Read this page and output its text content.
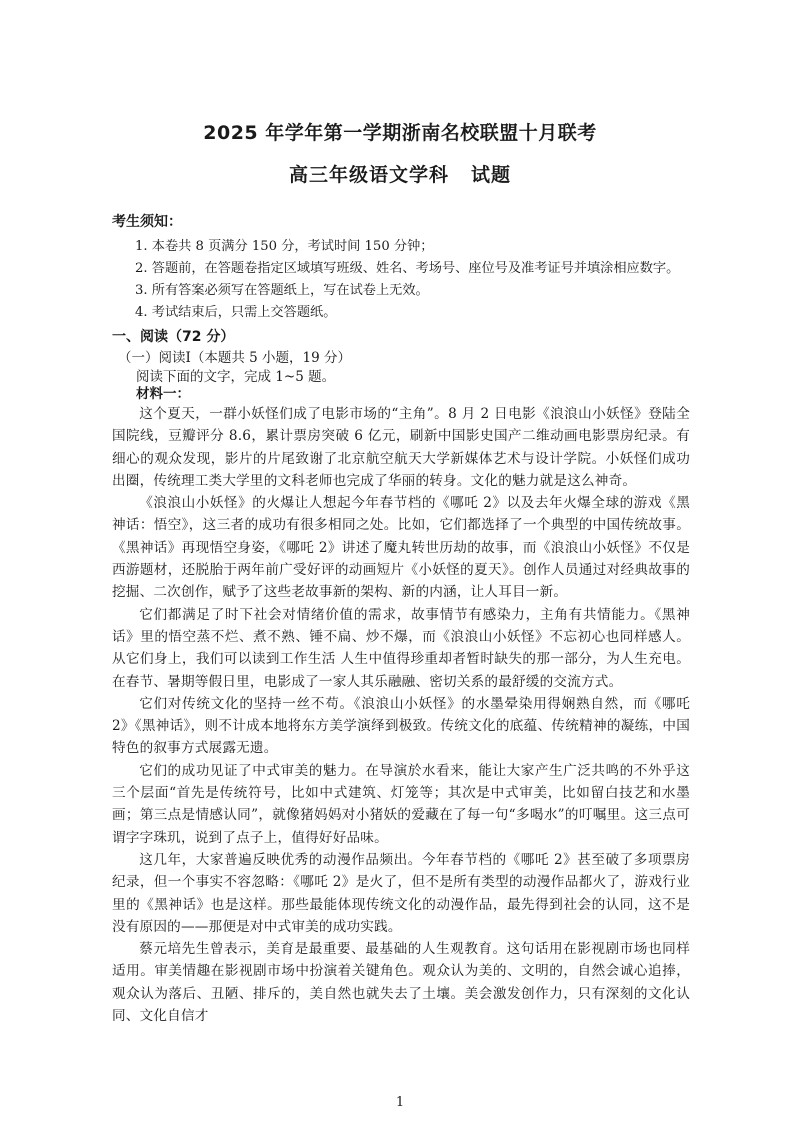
2025 年学年第一学期浙南名校联盟十月联考
高三年级语文学科 试题
考生须知：
1. 本卷共 8 页满分 150 分，考试时间 150 分钟；
2. 答题前，在答题卷指定区域填写班级、姓名、考场号、座位号及准考证号并填涂相应数字。
3. 所有答案必须写在答题纸上，写在试卷上无效。
4. 考试结束后，只需上交答题纸。
一、阅读（72 分）
（一）阅读Ⅰ（本题共 5 小题，19 分）
阅读下面的文字，完成 1~5 题。
材料一：

这个夏天，一群小妖怪们成了电影市场的“主角”。8 月 2 日电影《浪浪山小妖怪》登陆全国院线，豆瓣评分 8.6，累计票房突破 6 亿元，刷新中国影史国产二维动画电影票房纪录。有细心的观众发现，影片的片尾致谢了北京航空航天大学新媒体艺术与设计学院。小妖怪们成功出圈，传统理工类大学里的文科老师也完成了华丽的转身。文化的魅力就是这么神奇。

《浪浪山小妖怪》的火爆让人想起今年春节档的《哪吒 2》以及去年火爆全球的游戏《黑神话：悟空》，这三者的成功有很多相同之处。比如，它们都选择了一个典型的中国传统故事。《黑神话》再现悟空身姿，《哪吒 2》讲述了魔丸转世历劫的故事，而《浪浪山小妖怪》不仅是西游题材，还脱胎于两年前广受好评的动画短片《小妖怪的夏天》。创作人员通过对经典故事的挖掘、二次创作，赋予了这些老故事新的架构、新的内涵，让人耳目一新。

它们都满足了时下社会对情绪价值的需求，故事情节有感染力，主角有共情能力。《黑神话》里的悟空蒸不烂、煮不熟、锤不扁、炒不爆，而《浪浪山小妖怪》不忘初心也同样感人。从它们身上，我们可以读到工作生活 人生中值得珍重却者暂时缺失的那一部分，为人生充电。在春节、暑期等假日里，电影成了一家人其乐融融、密切关系的最舒缓的交流方式。

它们对传统文化的坚持一丝不苟。《浪浪山小妖怪》的水墨晕染用得娴熟自然，而《哪吒 2》《黑神话》，则不计成本地将东方美学演绎到极致。传统文化的底蕴、传统精神的凝练，中国特色的叙事方式展露无遗。

它们的成功见证了中式审美的魅力。在导演於水看来，能让大家产生广泛共鸣的不外乎这三个层面“首先是传统符号，比如中式建筑、灯笼等；其次是中式审美，比如留白技艺和水墨画；第三点是情感认同”，就像猪妈妈对小猪妖的爱藏在了每一句“多喝水”的叮嘱里。这三点可谓字字珠玑，说到了点子上，值得好好品味。

这几年，大家普遍反映优秀的动漫作品频出。今年春节档的《哪吒 2》甚至破了多项票房纪录，但一个事实不容忽略：《哪吒 2》是火了，但不是所有类型的动漫作品都火了，游戏行业里的《黑神话》也是这样。那些最能体现传统文化的动漫作品，最先得到社会的认同，这不是没有原因的——那便是对中式审美的成功实践。

蔡元培先生曾表示，美育是最重要、最基础的人生观教育。这句话用在影视剧市场也同样适用。审美情趣在影视剧市场中扮演着关键角色。观众认为美的、文明的，自然会诚心追捧，观众认为落后、丑陋、排斥的，美自然也就失去了土壤。美会激发创作力，只有深刻的文化认同、文化自信才

1
